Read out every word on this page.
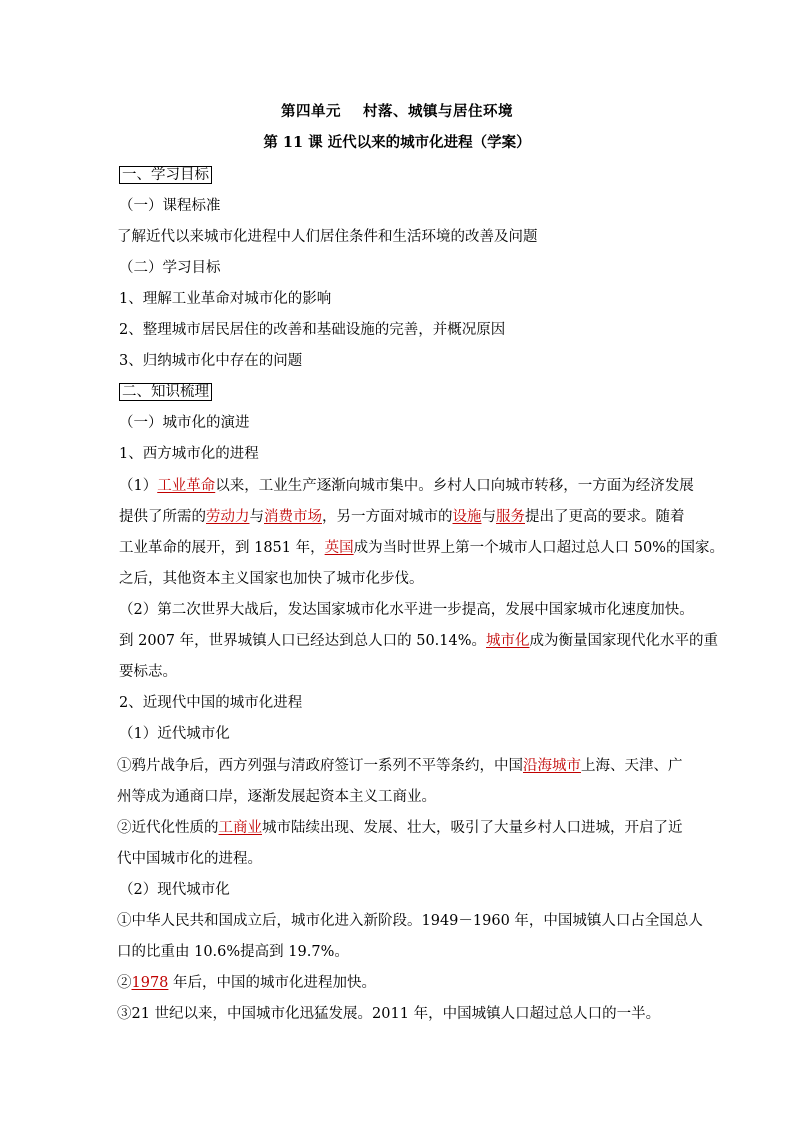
第四单元 村落、城镇与居住环境
第 11 课 近代以来的城市化进程（学案）
一、学习目标
（一）课程标准
了解近代以来城市化进程中人们居住条件和生活环境的改善及问题
（二）学习目标
1、理解工业革命对城市化的影响
2、整理城市居民居住的改善和基础设施的完善，并概况原因
3、归纳城市化中存在的问题
二、知识梳理
（一）城市化的演进
1、西方城市化的进程
（1）工业革命以来，工业生产逐渐向城市集中。乡村人口向城市转移，一方面为经济发展
提供了所需的劳动力与消费市场，另一方面对城市的设施与服务提出了更高的要求。随着
工业革命的展开，到 1851 年，英国成为当时世界上第一个城市人口超过总人口 50%的国家。
之后，其他资本主义国家也加快了城市化步伐。
（2）第二次世界大战后，发达国家城市化水平进一步提高，发展中国家城市化速度加快。
到 2007 年，世界城镇人口已经达到总人口的 50.14%。城市化成为衡量国家现代化水平的重
要标志。
2、近现代中国的城市化进程
（1）近代城市化
①鸦片战争后，西方列强与清政府签订一系列不平等条约，中国沿海城市上海、天津、广
州等成为通商口岸，逐渐发展起资本主义工商业。
②近代化性质的工商业城市陆续出现、发展、壮大，吸引了大量乡村人口进城，开启了近
代中国城市化的进程。
（2）现代城市化
①中华人民共和国成立后，城市化进入新阶段。1949－1960 年，中国城镇人口占全国总人
口的比重由 10.6%提高到 19.7%。
②1978 年后，中国的城市化进程加快。
③21 世纪以来，中国城市化迅猛发展。2011 年，中国城镇人口超过总人口的一半。
